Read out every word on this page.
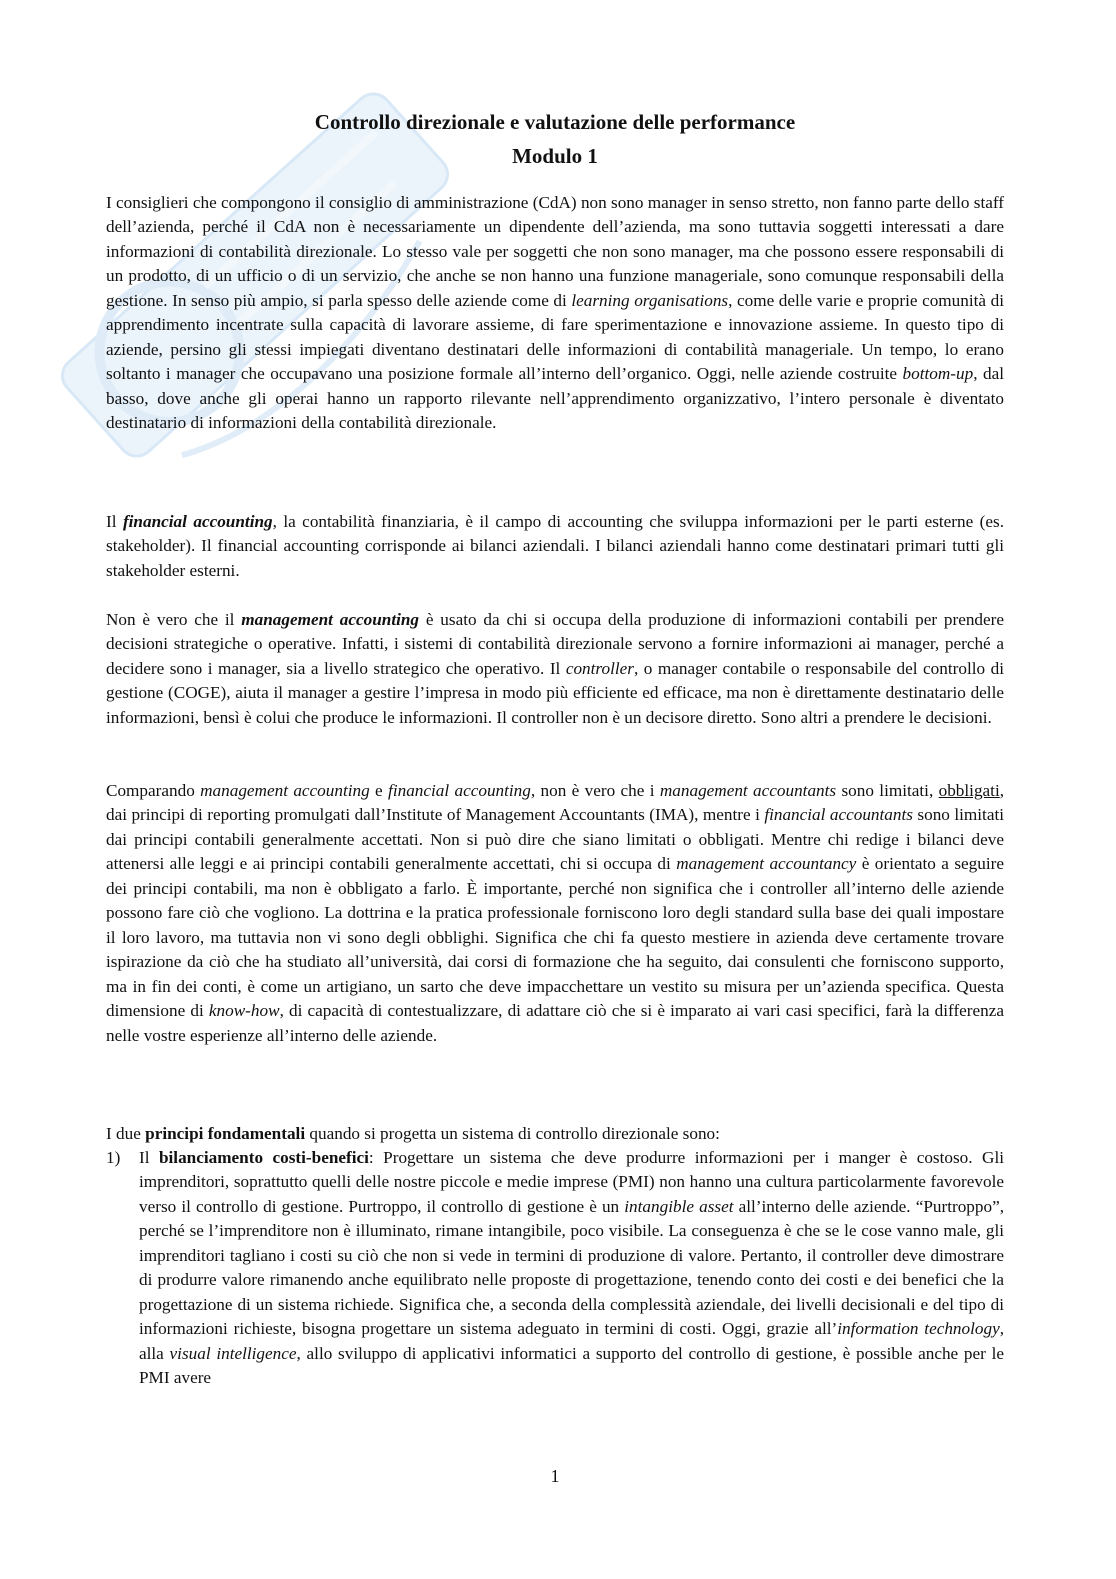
Controllo direzionale e valutazione delle performance
Modulo 1

I consiglieri che compongono il consiglio di amministrazione (CdA) non sono manager in senso stretto, non fanno parte dello staff dell’azienda, perché il CdA non è necessariamente un dipendente dell’azienda, ma sono tuttavia soggetti interessati a dare informazioni di contabilità direzionale. Lo stesso vale per soggetti che non sono manager, ma che possono essere responsabili di un prodotto, di un ufficio o di un servizio, che anche se non hanno una funzione manageriale, sono comunque responsabili della gestione. In senso più ampio, si parla spesso delle aziende come di learning organisations, come delle varie e proprie comunità di apprendimento incentrate sulla capacità di lavorare assieme, di fare sperimentazione e innovazione assieme. In questo tipo di aziende, persino gli stessi impiegati diventano destinatari delle informazioni di contabilità manageriale. Un tempo, lo erano soltanto i manager che occupavano una posizione formale all’interno dell’organico. Oggi, nelle aziende costruite bottom-up, dal basso, dove anche gli operai hanno un rapporto rilevante nell’apprendimento organizzativo, l’intero personale è diventato destinatario di informazioni della contabilità direzionale.

Il financial accounting, la contabilità finanziaria, è il campo di accounting che sviluppa informazioni per le parti esterne (es. stakeholder). Il financial accounting corrisponde ai bilanci aziendali. I bilanci aziendali hanno come destinatari primari tutti gli stakeholder esterni.

Non è vero che il management accounting è usato da chi si occupa della produzione di informazioni contabili per prendere decisioni strategiche o operative. Infatti, i sistemi di contabilità direzionale servono a fornire informazioni ai manager, perché a decidere sono i manager, sia a livello strategico che operativo. Il controller, o manager contabile o responsabile del controllo di gestione (COGE), aiuta il manager a gestire l’impresa in modo più efficiente ed efficace, ma non è direttamente destinatario delle informazioni, bensì è colui che produce le informazioni. Il controller non è un decisore diretto. Sono altri a prendere le decisioni.

Comparando management accounting e financial accounting, non è vero che i management accountants sono limitati, obbligati, dai principi di reporting promulgati dall’Institute of Management Accountants (IMA), mentre i financial accountants sono limitati dai principi contabili generalmente accettati. Non si può dire che siano limitati o obbligati. Mentre chi redige i bilanci deve attenersi alle leggi e ai principi contabili generalmente accettati, chi si occupa di management accountancy è orientato a seguire dei principi contabili, ma non è obbligato a farlo. È importante, perché non significa che i controller all’interno delle aziende possono fare ciò che vogliono. La dottrina e la pratica professionale forniscono loro degli standard sulla base dei quali impostare il loro lavoro, ma tuttavia non vi sono degli obblighi. Significa che chi fa questo mestiere in azienda deve certamente trovare ispirazione da ciò che ha studiato all’università, dai corsi di formazione che ha seguito, dai consulenti che forniscono supporto, ma in fin dei conti, è come un artigiano, un sarto che deve impacchettare un vestito su misura per un’azienda specifica. Questa dimensione di know-how, di capacità di contestualizzare, di adattare ciò che si è imparato ai vari casi specifici, farà la differenza nelle vostre esperienze all’interno delle aziende.

I due principi fondamentali quando si progetta un sistema di controllo direzionale sono:

1) Il bilanciamento costi-benefici: Progettare un sistema che deve produrre informazioni per i manger è costoso. Gli imprenditori, soprattutto quelli delle nostre piccole e medie imprese (PMI) non hanno una cultura particolarmente favorevole verso il controllo di gestione. Purtroppo, il controllo di gestione è un intangible asset all’interno delle aziende. “Purtroppo”, perché se l’imprenditore non è illuminato, rimane intangibile, poco visibile. La conseguenza è che se le cose vanno male, gli imprenditori tagliano i costi su ciò che non si vede in termini di produzione di valore. Pertanto, il controller deve dimostrare di produrre valore rimanendo anche equilibrato nelle proposte di progettazione, tenendo conto dei costi e dei benefici che la progettazione di un sistema richiede. Significa che, a seconda della complessità aziendale, dei livelli decisionali e del tipo di informazioni richieste, bisogna progettare un sistema adeguato in termini di costi. Oggi, grazie all’information technology, alla visual intelligence, allo sviluppo di applicativi informatici a supporto del controllo di gestione, è possible anche per le PMI avere
1
